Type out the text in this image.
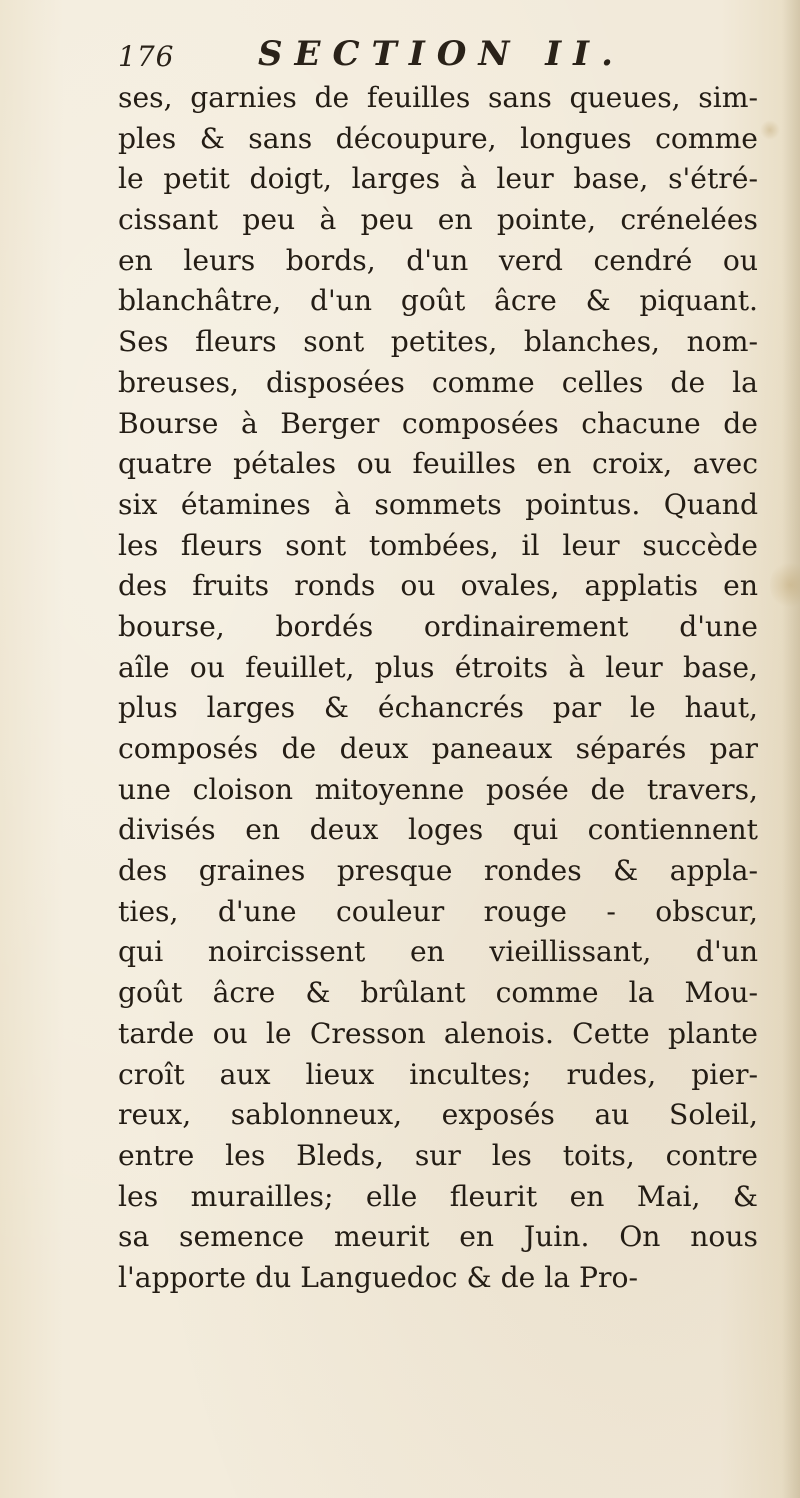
176 SECTION II.
ses, garnies de feuilles sans queues, sim-
ples & sans découpure, longues comme
le petit doigt, larges à leur base, s'étré-
cissant peu à peu en pointe, crénelées
en leurs bords, d'un verd cendré ou
blanchâtre, d'un goût âcre & piquant.
Ses fleurs sont petites, blanches, nom-
breuses, disposées comme celles de la
Bourse à Berger composées chacune de
quatre pétales ou feuilles en croix, avec
six étamines à sommets pointus. Quand
les fleurs sont tombées, il leur succède
des fruits ronds ou ovales, applatis en
bourse, bordés ordinairement d'une
aîle ou feuillet, plus étroits à leur base,
plus larges & échancrés par le haut,
composés de deux paneaux séparés par
une cloison mitoyenne posée de travers,
divisés en deux loges qui contiennent
des graines presque rondes & appla-
ties, d'une couleur rouge - obscur,
qui noircissent en vieillissant, d'un
goût âcre & brûlant comme la Mou-
tarde ou le Cresson alenois. Cette plante
croît aux lieux incultes; rudes, pier-
reux, sablonneux, exposés au Soleil,
entre les Bleds, sur les toits, contre
les murailles; elle fleurit en Mai, &
sa semence meurit en Juin. On nous
l'apporte du Languedoc & de la Pro-
